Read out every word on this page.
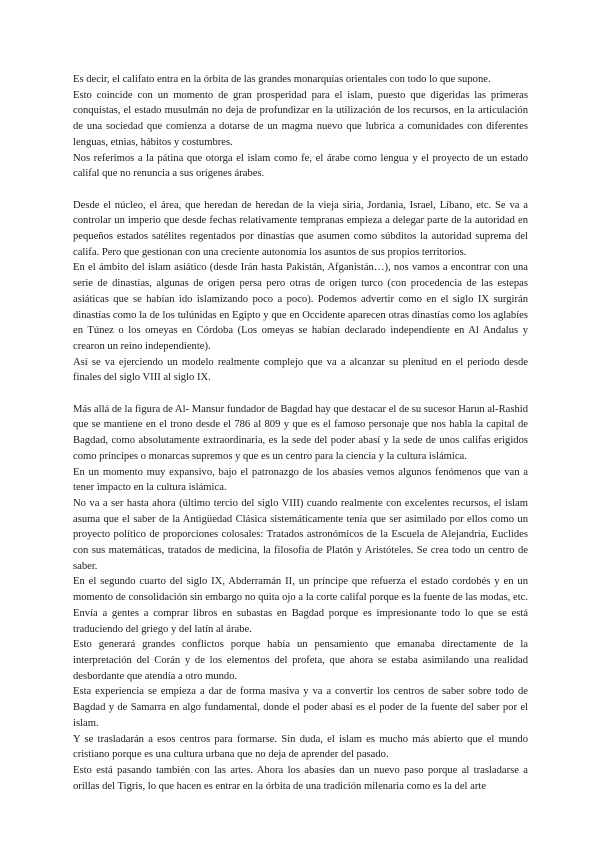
Es decir, el califato entra en la órbita de las grandes monarquías orientales con todo lo que supone.

Esto coincide con un momento de gran prosperidad para el islam, puesto que digeridas las primeras conquistas, el estado musulmán no deja de profundizar en la utilización de los recursos, en la articulación de una sociedad que comienza a dotarse de un magma nuevo que lubrica a comunidades con diferentes lenguas, etnias, hábitos y costumbres.

Nos referimos a la pátina que otorga el islam como fe, el árabe como lengua y el proyecto de un estado califal que no renuncia a sus orígenes árabes.

Desde el núcleo, el área, que heredan de heredan de la vieja siria, Jordania, Israel, Líbano, etc. Se va a controlar un imperio que desde fechas relativamente tempranas empieza a delegar parte de la autoridad en pequeños estados satélites regentados por dinastías que asumen como súbditos la autoridad suprema del califa. Pero que gestionan con una creciente autonomía los asuntos de sus propios territorios.

En el ámbito del islam asiático (desde Irán hasta Pakistán, Afganistán…), nos vamos a encontrar con una serie de dinastías, algunas de origen persa pero otras de origen turco (con procedencia de las estepas asiáticas que se habían ido islamizando poco a poco). Podemos advertir como en el siglo IX surgirán dinastías como la de los tulúnidas en Egipto y que en Occidente aparecen otras dinastías como los aglabíes en Túnez o los omeyas en Córdoba (Los omeyas se habían declarado independiente en Al Andalus y crearon un reino independiente).

Así se va ejerciendo un modelo realmente complejo que va a alcanzar su plenitud en el periodo desde finales del siglo VIII al siglo IX.

Más allá de la figura de Al- Mansur fundador de Bagdad hay que destacar el de su sucesor Harun al-Rashid que se mantiene en el trono desde el 786 al 809 y que es el famoso personaje que nos habla la capital de Bagdad, como absolutamente extraordinaria, es la sede del poder abasí y la sede de unos califas erigidos como príncipes o monarcas supremos y que es un centro para la ciencia y la cultura islámica.

En un momento muy expansivo, bajo el patronazgo de los abasíes vemos algunos fenómenos que van a tener impacto en la cultura islámica.

No va a ser hasta ahora (último tercio del siglo VIII) cuando realmente con excelentes recursos, el islam asuma que el saber de la Antigüedad Clásica sistemáticamente tenía que ser asimilado por ellos como un proyecto político de proporciones colosales: Tratados astronómicos de la Escuela de Alejandría, Euclides con sus matemáticas, tratados de medicina, la filosofía de Platón y Aristóteles. Se crea todo un centro de saber.

En el segundo cuarto del siglo IX, Abderramán II, un príncipe que refuerza el estado cordobés y en un momento de consolidación sin embargo no quita ojo a la corte califal porque es la fuente de las modas, etc. Envía a gentes a comprar libros en subastas en Bagdad porque es impresionante todo lo que se está traduciendo del griego y del latín al árabe.

Esto generará grandes conflictos porque había un pensamiento que emanaba directamente de la interpretación del Corán y de los elementos del profeta, que ahora se estaba asimilando una realidad desbordante que atendía a otro mundo.

Esta experiencia se empieza a dar de forma masiva y va a convertir los centros de saber sobre todo de Bagdad y de Samarra en algo fundamental, donde el poder abasí es el poder de la fuente del saber por el islam.

Y se trasladarán a esos centros para formarse. Sin duda, el islam es mucho más abierto que el mundo cristiano porque es una cultura urbana que no deja de aprender del pasado.

Esto está pasando también con las artes. Ahora los abasíes dan un nuevo paso porque al trasladarse a orillas del Tigris, lo que hacen es entrar en la órbita de una tradición milenaria como es la del arte
